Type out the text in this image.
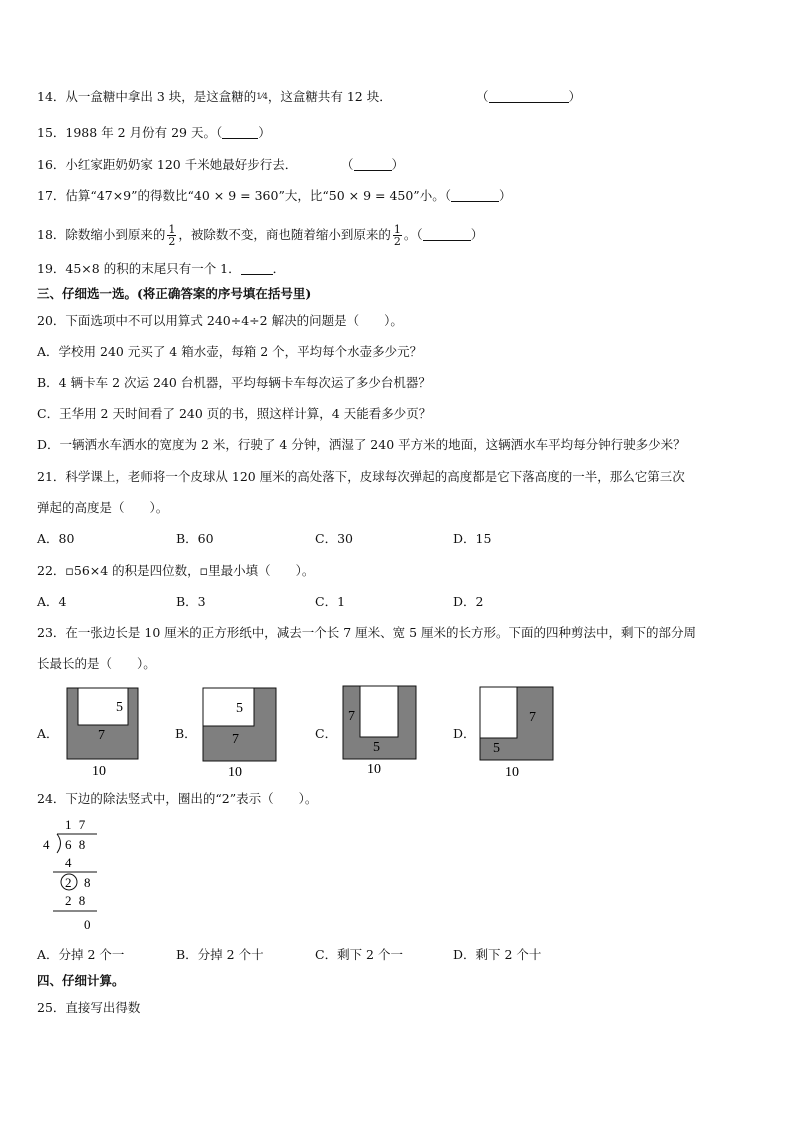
14．从一盒糖中拿出 3 块，是这盒糖的1⁄4，这盒糖共有 12 块．	（	）
15．1988 年 2 月份有 29 天。（	）
16．小红家距奶奶家 120 千米她最好步行去．	（	）
17．估算“47×9”的得数比“40 × 9 = 360”大，比“50 × 9 = 450”小。（	）
18．除数缩小到原来的 $\frac{1}{2}$ ，被除数不变，商也随着缩小到原来的 $\frac{1}{2}$ 。（	）
19．45×8 的积的末尾只有一个 1．	．
三、仔细选一选。(将正确答案的序号填在括号里)
20．下面选项中不可以用算式 240÷4÷2 解决的问题是（　　）。
A．学校用 240 元买了 4 箱水壶，每箱 2 个，平均每个水壶多少元？
B．4 辆卡车 2 次运 240 台机器，平均每辆卡车每次运了多少台机器？
C．王华用 2 天时间看了 240 页的书，照这样计算，4 天能看多少页？
D．一辆洒水车洒水的宽度为 2 米，行驶了 4 分钟，洒湿了 240 平方米的地面，这辆洒水车平均每分钟行驶多少米？
21．科学课上，老师将一个皮球从 120 厘米的高处落下，皮球每次弹起的高度都是它下落高度的一半，那么它第三次
弹起的高度是（　　）。
A．80	B．60	C．30	D．15
22．▫56×4 的积是四位数，▫里最小填（　　）。
A．4	B．3	C．1	D．2
23．在一张边长是 10 厘米的正方形纸中，减去一个长 7 厘米、宽 5 厘米的长方形。下面的四种剪法中，剩下的部分周
长最长的是（　　）。
A．	B．	C．	D．
5
7
10
5
7
10
7
5
10
7
5
10
24．下边的除法竖式中，圈出的“2”表示（　　）。
1 7
4 6 8
4
2 8
2 8
0
A．分掉 2 个一	B．分掉 2 个十	C．剩下 2 个一	D．剩下 2 个十
四、仔细计算。
25．直接写出得数
